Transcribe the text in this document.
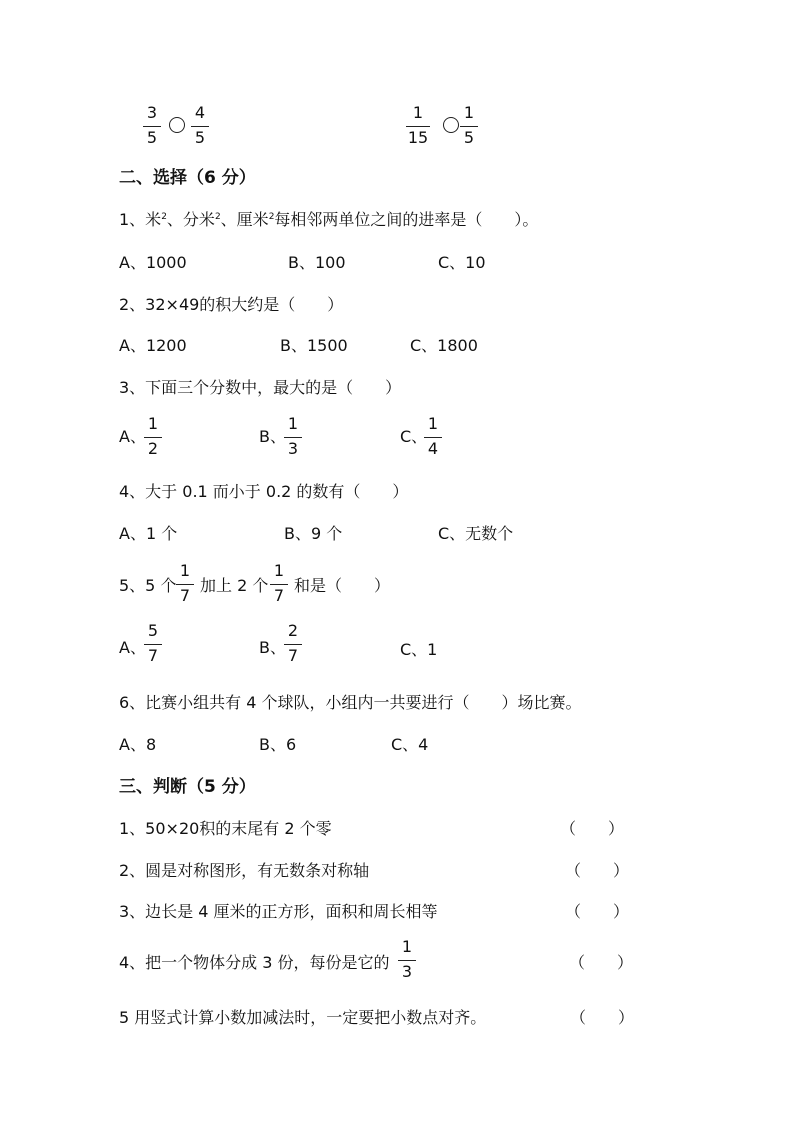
3
5
4
5
1
15
1
5
二、选择（6 分）
1、米$^2$、分米$^2$、厘米$^2$每相邻两单位之间的进率是（　　）。
A、1000	B、100	C、10
2、32×49的积大约是（　　）
A、1200	B、1500	C、1800
3、下面三个分数中，最大的是（　　）
A、
1
2
B、
1
3
C、
1
4
4、大于 0.1 而小于 0.2 的数有（　　）
A、1 个	B、9 个	C、无数个
5、5 个
1
7
加上 2 个
1
7
和是（　　）
A、
5
7	B、
2
7	C、1
6、比赛小组共有 4 个球队，小组内一共要进行（　　）场比赛。
A、8	B、6	C、4
三、判断（5 分）
1、50×20积的末尾有 2 个零	（　　）
2、圆是对称图形，有无数条对称轴	（　　）
3、边长是 4 厘米的正方形，面积和周长相等	（　　）
4、把一个物体分成 3 份，每份是它的
1
3	（　　）
5 用竖式计算小数加减法时，一定要把小数点对齐。	（　　）
